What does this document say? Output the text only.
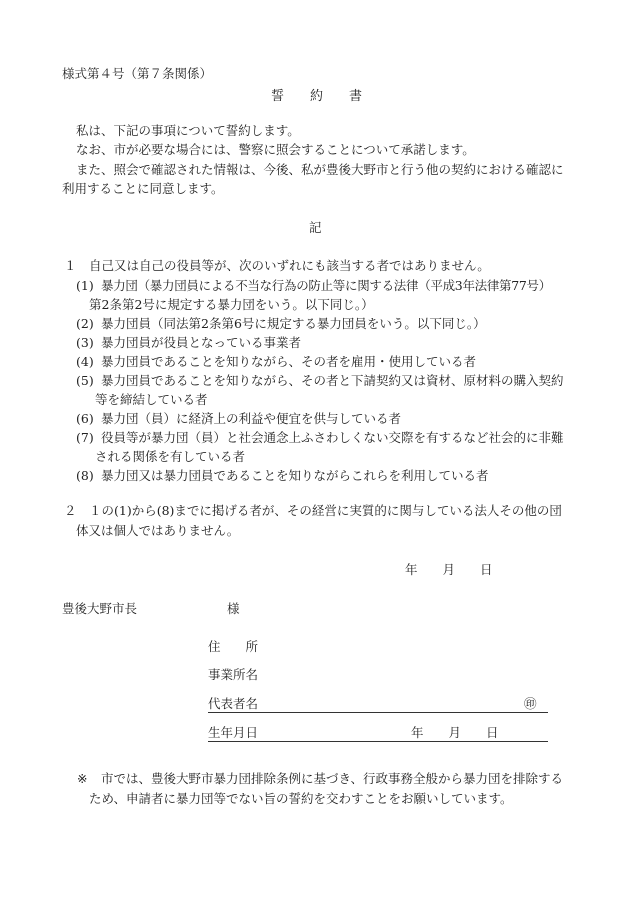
様式第４号（第７条関係）
誓　　約　　書
私は、下記の事項について誓約します。
なお、市が必要な場合には、警察に照会することについて承諾します。
また、照会で確認された情報は、今後、私が豊後大野市と行う他の契約における確認に
利用することに同意します。
記
１　自己又は自己の役員等が、次のいずれにも該当する者ではありません。
(1) 暴力団（暴力団員による不当な行為の防止等に関する法律（平成3年法律第77号）
第2条第2号に規定する暴力団をいう。以下同じ。）
(2) 暴力団員（同法第2条第6号に規定する暴力団員をいう。以下同じ。）
(3) 暴力団員が役員となっている事業者
(4) 暴力団員であることを知りながら、その者を雇用・使用している者
(5) 暴力団員であることを知りながら、その者と下請契約又は資材、原材料の購入契約
等を締結している者
(6) 暴力団（員）に経済上の利益や便宜を供与している者
(7) 役員等が暴力団（員）と社会通念上ふさわしくない交際を有するなど社会的に非難
される関係を有している者
(8) 暴力団又は暴力団員であることを知りながらこれらを利用している者
２　１の(1)から(8)までに掲げる者が、その経営に実質的に関与している法人その他の団
体又は個人ではありません。
年　　月　　日
豊後大野市長	様
住　　所
事業所名
代表者名	㊞
生年月日	年　　月　　日
※ 市では、豊後大野市暴力団排除条例に基づき、行政事務全般から暴力団を排除する
ため、申請者に暴力団等でない旨の誓約を交わすことをお願いしています。
